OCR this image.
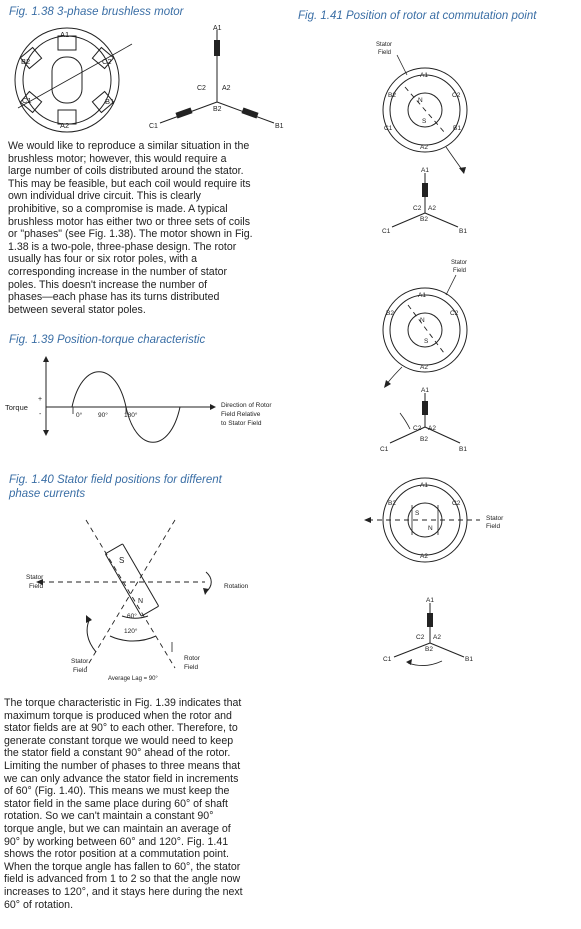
Fig. 1.38 3-phase brushless motor
A1
A2
B1
B2
C1
C2
A1
A2
B1
B2
C1
C2
We would like to reproduce a similar situation in the
brushless motor; however, this would require a
large number of coils distributed around the stator.
This may be feasible, but each coil would require its
own individual drive circuit. This is clearly
prohibitive, so a compromise is made. A typical
brushless motor has either two or three sets of coils
or "phases" (see Fig. 1.38). The motor shown in Fig.
1.38 is a two-pole, three-phase design. The rotor
usually has four or six rotor poles, with a
corresponding increase in the number of stator
poles. This doesn't increase the number of
phases—each phase has its turns distributed
between several stator poles.
Fig. 1.39 Position-torque characteristic
Torque
+
-	0° 90° 180°
Direction of Rotor
Field Relative
to Stator Field
Fig. 1.40 Stator field positions for different
phase currents
S
N
Rotation
60°
120°
Stator
Field
Stator
Field
Rotor
Field
Average Lag = 90°
The torque characteristic in Fig. 1.39 indicates that
maximum torque is produced when the rotor and
stator fields are at 90° to each other. Therefore, to
generate constant torque we would need to keep
the stator field a constant 90° ahead of the rotor.
Limiting the number of phases to three means that
we can only advance the stator field in increments
of 60° (Fig. 1.40). This means we must keep the
stator field in the same place during 60° of shaft
rotation. So we can't maintain a constant 90°
torque angle, but we can maintain an average of
90° by working between 60° and 120°. Fig. 1.41
shows the rotor position at a commutation point.
When the torque angle has fallen to 60°, the stator
field is advanced from 1 to 2 so that the angle now
increases to 120°, and it stays here during the next
60° of rotation.
Fig. 1.41 Position of rotor at commutation point
Stator
Field
N
S
A1
A2
B2	C2
C1	B1
A1
C2 A2
B2
C1	B1
Stator
Field
N
S
A1
A2
B2	C2
A1
C2 A2
B2
C1	B1
S
N
A1
A2
B2	C2
Stator
Field
A1
C2 A2
B2
C1	B1
